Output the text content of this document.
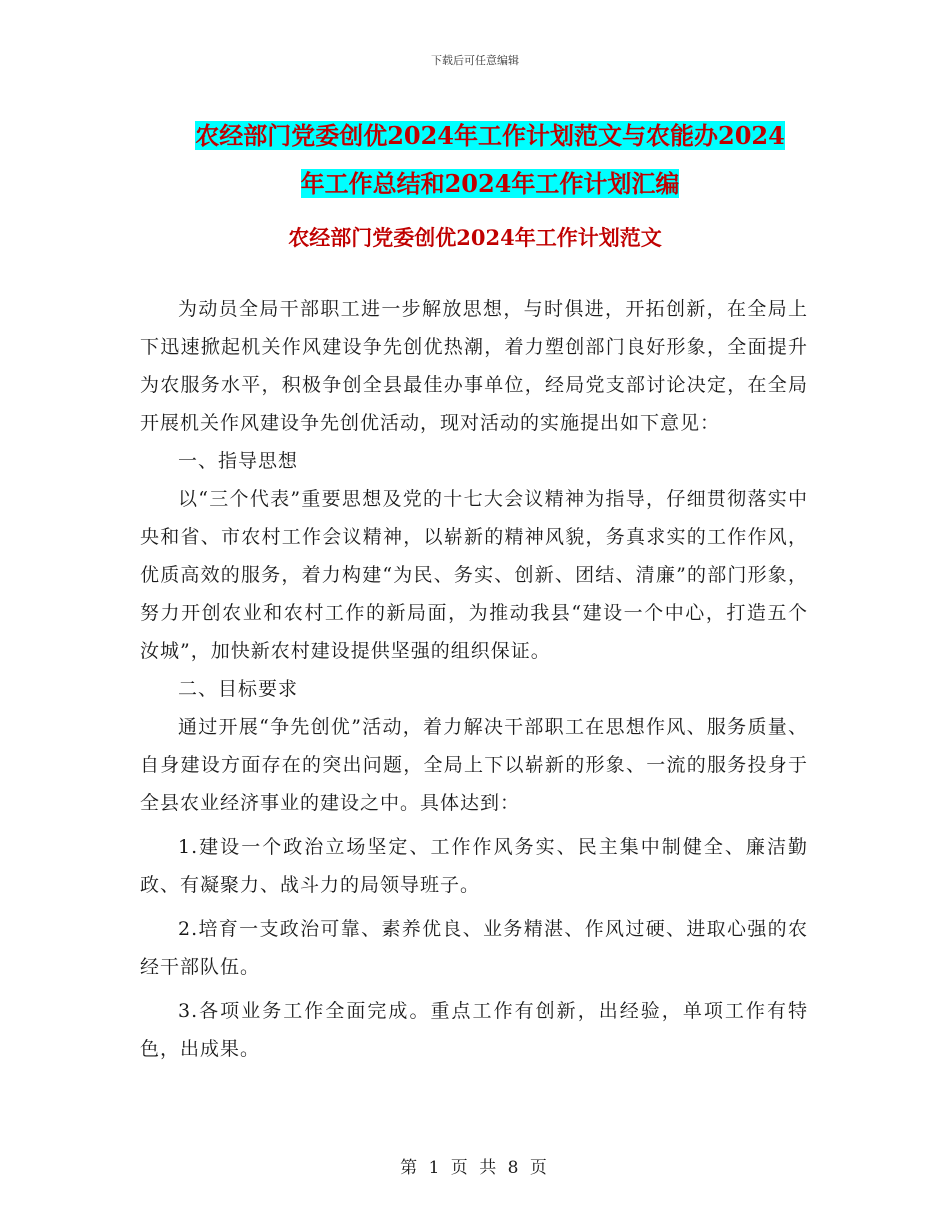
下载后可任意编辑
农经部门党委创优2024年工作计划范文与农能办2024
年工作总结和2024年工作计划汇编
农经部门党委创优2024年工作计划范文

为动员全局干部职工进一步解放思想，与时俱进，开拓创新，在全局上下迅速掀起机关作风建设争先创优热潮，着力塑创部门良好形象，全面提升为农服务水平，积极争创全县最佳办事单位，经局党支部讨论决定，在全局开展机关作风建设争先创优活动，现对活动的实施提出如下意见：

一、指导思想

以“三个代表”重要思想及党的十七大会议精神为指导，仔细贯彻落实中央和省、市农村工作会议精神，以崭新的精神风貌，务真求实的工作作风，优质高效的服务，着力构建“为民、务实、创新、团结、清廉”的部门形象，努力开创农业和农村工作的新局面，为推动我县“建设一个中心，打造五个汝城”，加快新农村建设提供坚强的组织保证。

二、目标要求

通过开展“争先创优”活动，着力解决干部职工在思想作风、服务质量、自身建设方面存在的突出问题，全局上下以崭新的形象、一流的服务投身于全县农业经济事业的建设之中。具体达到：

1.建设一个政治立场坚定、工作作风务实、民主集中制健全、廉洁勤政、有凝聚力、战斗力的局领导班子。

2.培育一支政治可靠、素养优良、业务精湛、作风过硬、进取心强的农经干部队伍。

3.各项业务工作全面完成。重点工作有创新，出经验，单项工作有特色，出成果。

第 1 页 共 8 页
